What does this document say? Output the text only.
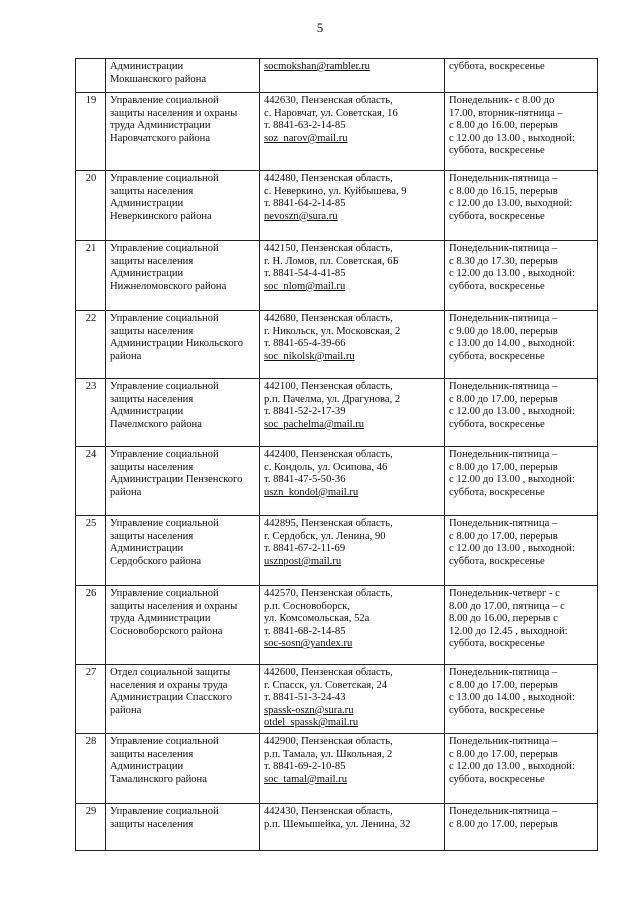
5

	Администрации
Мокшанского района	socmokshan@rambler.ru	суббота, воскресенье

19	Управление социальной
защиты населения и охраны
труда Администрации
Наровчатского района	442630, Пензенская область,
с. Наровчат, ул. Советская, 16
т. 8841-63-2-14-85
soz_narov@mail.ru	Понедельник- с 8.00 до
17.00, вторник-пятница –
с 8.00 до 16.00, перерыв
с 12.00 до 13.00 , выходной:
суббота, воскресенье

20	Управление социальной
защиты населения
Администрации
Неверкинского района	442480, Пензенская область,
с. Неверкино, ул. Куйбышева, 9
т. 8841-64-2-14-85
nevoszn@sura.ru	Понедельник-пятница –
с 8.00 до 16.15, перерыв
с 12.00 до 13.00, выходной:
суббота, воскресенье

21	Управление социальной
защиты населения
Администрации
Нижнеломовского района	442150, Пензенская область,
г. Н. Ломов, пл. Советская, 6Б
т. 8841-54-4-41-85
soc_nlom@mail.ru	Понедельник-пятница –
с 8.30 до 17.30, перерыв
с 12.00 до 13.00 , выходной:
суббота, воскресенье

22	Управление социальной
защиты населения
Администрации Никольского
района	442680, Пензенская область,
г. Никольск, ул. Московская, 2
т. 8841-65-4-39-66
soc_nikolsk@mail.ru	Понедельник-пятница –
с 9.00 до 18.00, перерыв
с 13.00 до 14.00 , выходной:
суббота, воскресенье

23	Управление социальной
защиты населения
Администрации
Пачелмского района	442100, Пензенская область,
р.п. Пачелма, ул. Драгунова, 2
т. 8841-52-2-17-39
soc_pachelma@mail.ru	Понедельник-пятница –
с 8.00 до 17.00, перерыв
с 12.00 до 13.00 , выходной:
суббота, воскресенье

24	Управление социальной
защиты населения
Администрации Пензенского
района	442400, Пензенская область,
с. Кондоль, ул. Осипова, 46
т. 8841-47-5-50-36
uszn_kondol@mail.ru	Понедельник-пятница –
с 8.00 до 17.00, перерыв
с 12.00 до 13.00 , выходной:
суббота, воскресенье

25	Управление социальной
защиты населения
Администрации
Сердобского района	442895, Пензенская область,
г. Сердобск, ул. Ленина, 90
т. 8841-67-2-11-69
usznpost@mail.ru	Понедельник-пятница –
с 8.00 до 17.00, перерыв
с 12.00 до 13.00 , выходной:
суббота, воскресенье

26	Управление социальной
защиты населения и охраны
труда Администрации
Сосновоборского района	442570, Пензенская область,
р.п. Сосновоборск,
ул. Комсомольская, 52а
т. 8841-68-2-14-85
soc-sosn@yandex.ru	Понедельник-четверг - с
8.00 до 17.00, пятница – с
8.00 до 16.00, перерыв с
12.00 до 12.45 , выходной:
суббота, воскресенье

27	Отдел социальной защиты
населения и охраны труда
Администрации Спасского
района	442600, Пензенская область,
г. Спасск, ул. Советская, 24
т. 8841-51-3-24-43
spassk-oszn@sura.ru
otdel_spassk@mail.ru	Понедельник-пятница –
с 8.00 до 17.00, перерыв
с 13.00 до 14.00 , выходной:
суббота, воскресенье

28	Управление социальной
защиты населения
Администрации
Тамалинского района	442900, Пензенская область,
р.п. Тамала, ул. Школьная, 2
т. 8841-69-2-10-85
soc_tamal@mail.ru	Понедельник-пятница –
с 8.00 до 17.00, перерыв
с 12.00 до 13.00 , выходной:
суббота, воскресенье

29	Управление социальной
защиты населения	442430, Пензенская область,
р.п. Шемышейка, ул. Ленина, 32	Понедельник-пятница –
с 8.00 до 17.00, перерыв
